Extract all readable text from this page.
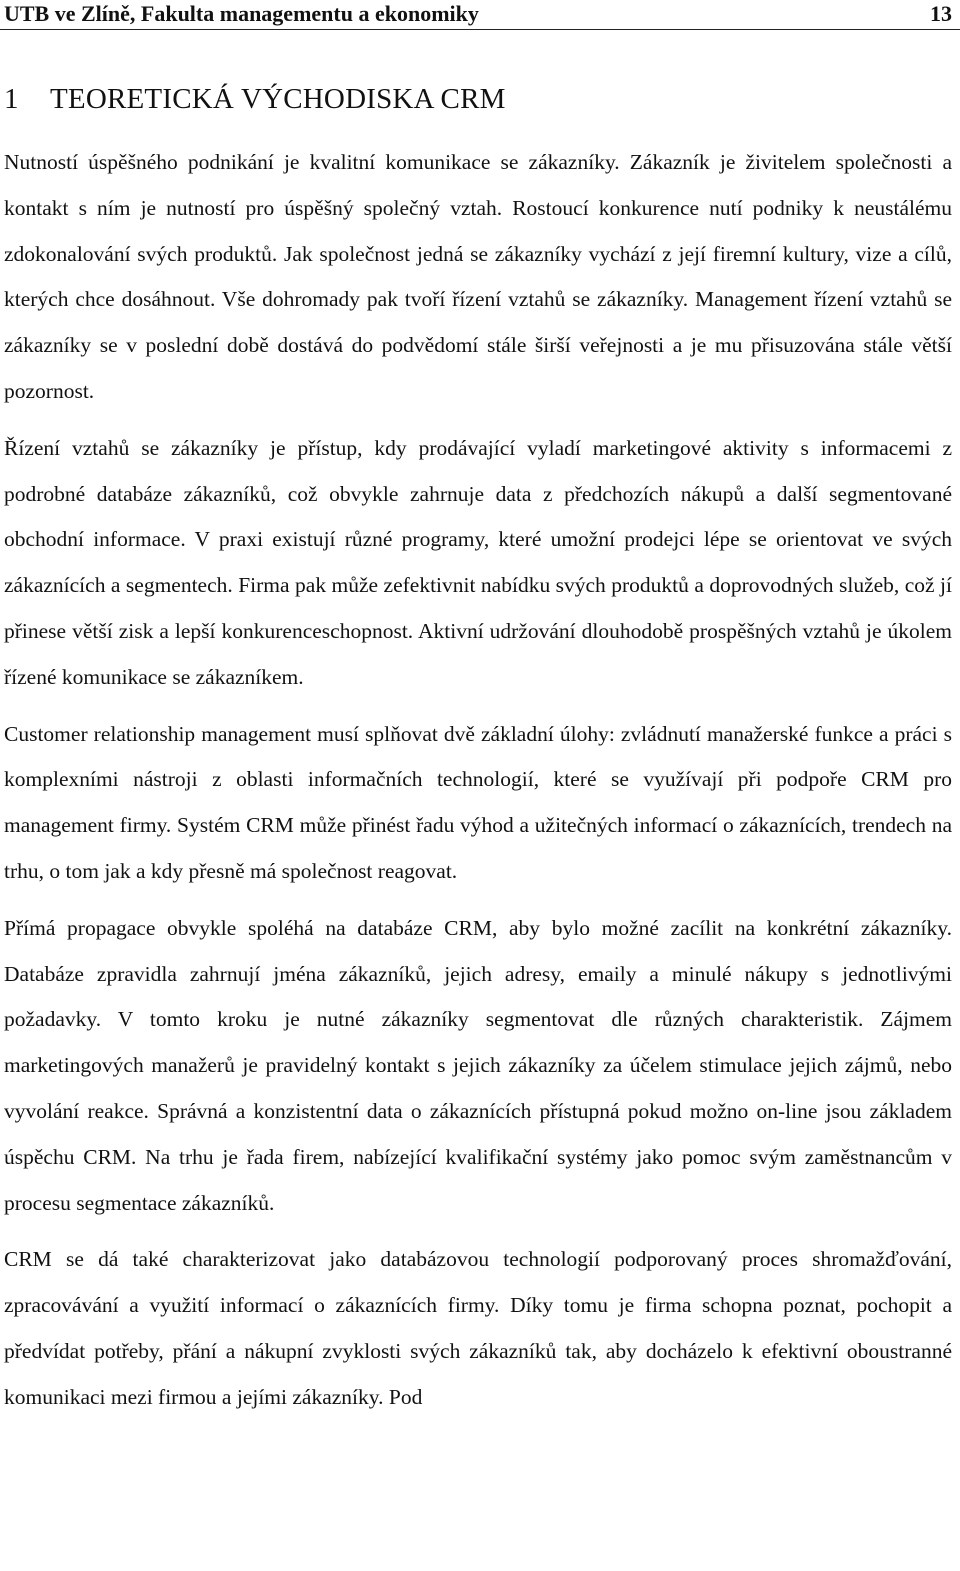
UTB ve Zlíně, Fakulta managementu a ekonomiky	13
1 TEORETICKÁ VÝCHODISKA CRM

Nutností úspěšného podnikání je kvalitní komunikace se zákazníky. Zákazník je živitelem společnosti a kontakt s ním je nutností pro úspěšný společný vztah. Rostoucí konkurence nutí podniky k neustálému zdokonalování svých produktů. Jak společnost jedná se zákazníky vychází z její firemní kultury, vize a cílů, kterých chce dosáhnout. Vše dohromady pak tvoří řízení vztahů se zákazníky. Management řízení vztahů se zákazníky se v poslední době dostává do podvědomí stále širší veřejnosti a je mu přisuzována stále větší pozornost.

Řízení vztahů se zákazníky je přístup, kdy prodávající vyladí marketingové aktivity s informacemi z podrobné databáze zákazníků, což obvykle zahrnuje data z předchozích nákupů a další segmentované obchodní informace. V praxi existují různé programy, které umožní prodejci lépe se orientovat ve svých zákaznících a segmentech. Firma pak může zefektivnit nabídku svých produktů a doprovodných služeb, což jí přinese větší zisk a lepší konkurenceschopnost. Aktivní udržování dlouhodobě prospěšných vztahů je úkolem řízené komunikace se zákazníkem.

Customer relationship management musí splňovat dvě základní úlohy: zvládnutí manažerské funkce a práci s komplexními nástroji z oblasti informačních technologií, které se využívají při podpoře CRM pro management firmy. Systém CRM může přinést řadu výhod a užitečných informací o zákaznících, trendech na trhu, o tom jak a kdy přesně má společnost reagovat.

Přímá propagace obvykle spoléhá na databáze CRM, aby bylo možné zacílit na konkrétní zákazníky. Databáze zpravidla zahrnují jména zákazníků, jejich adresy, emaily a minulé nákupy s jednotlivými požadavky. V tomto kroku je nutné zákazníky segmentovat dle různých charakteristik. Zájmem marketingových manažerů je pravidelný kontakt s jejich zákazníky za účelem stimulace jejich zájmů, nebo vyvolání reakce. Správná a konzistentní data o zákaznících přístupná pokud možno on-line jsou základem úspěchu CRM. Na trhu je řada firem, nabízející kvalifikační systémy jako pomoc svým zaměstnancům v procesu segmentace zákazníků.

CRM se dá také charakterizovat jako databázovou technologií podporovaný proces shromažďování, zpracovávání a využití informací o zákaznících firmy. Díky tomu je firma schopna poznat, pochopit a předvídat potřeby, přání a nákupní zvyklosti svých zákazníků tak, aby docházelo k efektivní oboustranné komunikaci mezi firmou a jejími zákazníky. Pod
